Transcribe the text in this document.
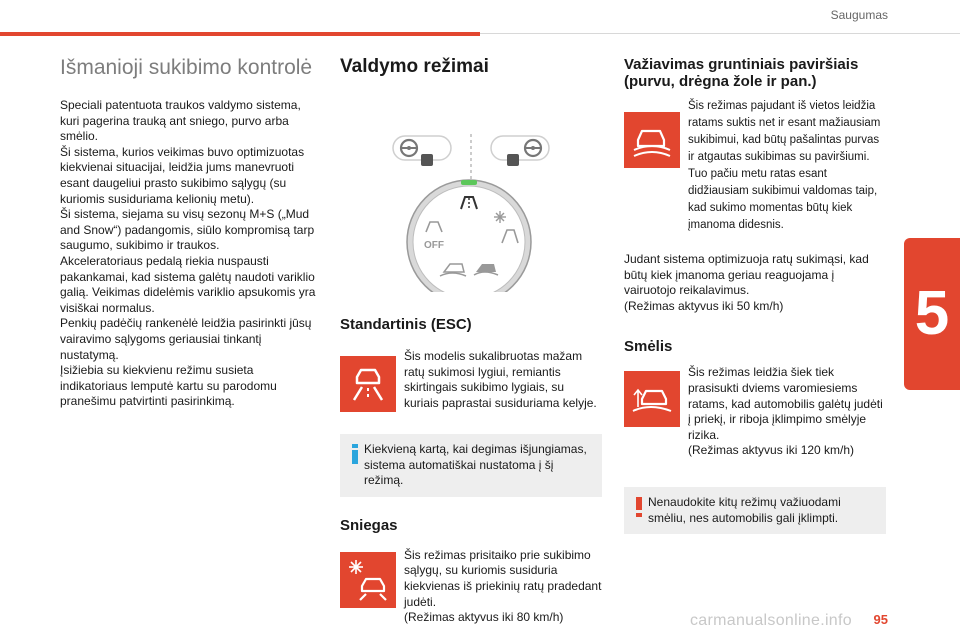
Saugumas
5
Išmanioji sukibimo kontrolė

Speciali patentuota traukos valdymo sistema, kuri pagerina trauką ant sniego, purvo arba smėlio.
Ši sistema, kurios veikimas buvo optimizuotas kiekvienai situacijai, leidžia jums manevruoti esant daugeliui prasto sukibimo sąlygų (su kuriomis susiduriama kelionių metu).
Ši sistema, siejama su visų sezonų M+S („Mud and Snow“) padangomis, siūlo kompromisą tarp saugumo, sukibimo ir traukos.
Akceleratoriaus pedalą riekia nuspausti pakankamai, kad sistema galėtų naudoti variklio galią. Veikimas didelėmis variklio apsukomis yra visiškai normalus.
Penkių padėčių rankenėlė leidžia pasirinkti jūsų vairavimo sąlygoms geriausiai tinkantį nustatymą.
Įsižiebia su kiekvienu režimu susieta indikatoriaus lemputė kartu su parodomu pranešimu patvirtinti pasirinkimą.

Valdymo režimai
OFF
Standartinis (ESC)

Šis modelis sukalibruotas mažam ratų sukimosi lygiui, remiantis skirtingais sukibimo lygiais, su kuriais paprastai susiduriama kelyje.

Kiekvieną kartą, kai degimas išjungiamas, sistema automatiškai nustatoma į šį režimą.

Sniegas

Šis režimas prisitaiko prie sukibimo sąlygų, su kuriomis susiduria kiekvienas iš priekinių ratų pradedant judėti.
(Režimas aktyvus iki 80 km/h)

Važiavimas gruntiniais paviršiais (purvu, drėgna žole ir pan.)

Šis režimas pajudant iš vietos leidžia ratams suktis net ir esant mažiausiam sukibimui, kad būtų pašalintas purvas ir atgautas sukibimas su paviršiumi.
Tuo pačiu metu ratas esant didžiausiam sukibimui valdomas taip, kad sukimo momentas būtų kiek įmanoma didesnis.

Judant sistema optimizuoja ratų sukimąsi, kad būtų kiek įmanoma geriau reaguojama į vairuotojo reikalavimus.
(Režimas aktyvus iki 50 km/h)

Smėlis

Šis režimas leidžia šiek tiek prasisukti dviems varomiesiems ratams, kad automobilis galėtų judėti į priekį, ir riboja įklimpimo smėlyje rizika.
(Režimas aktyvus iki 120 km/h)

Nenaudokite kitų režimų važiuodami smėliu, nes automobilis gali įklimpti.

carmanualsonline.info 95
